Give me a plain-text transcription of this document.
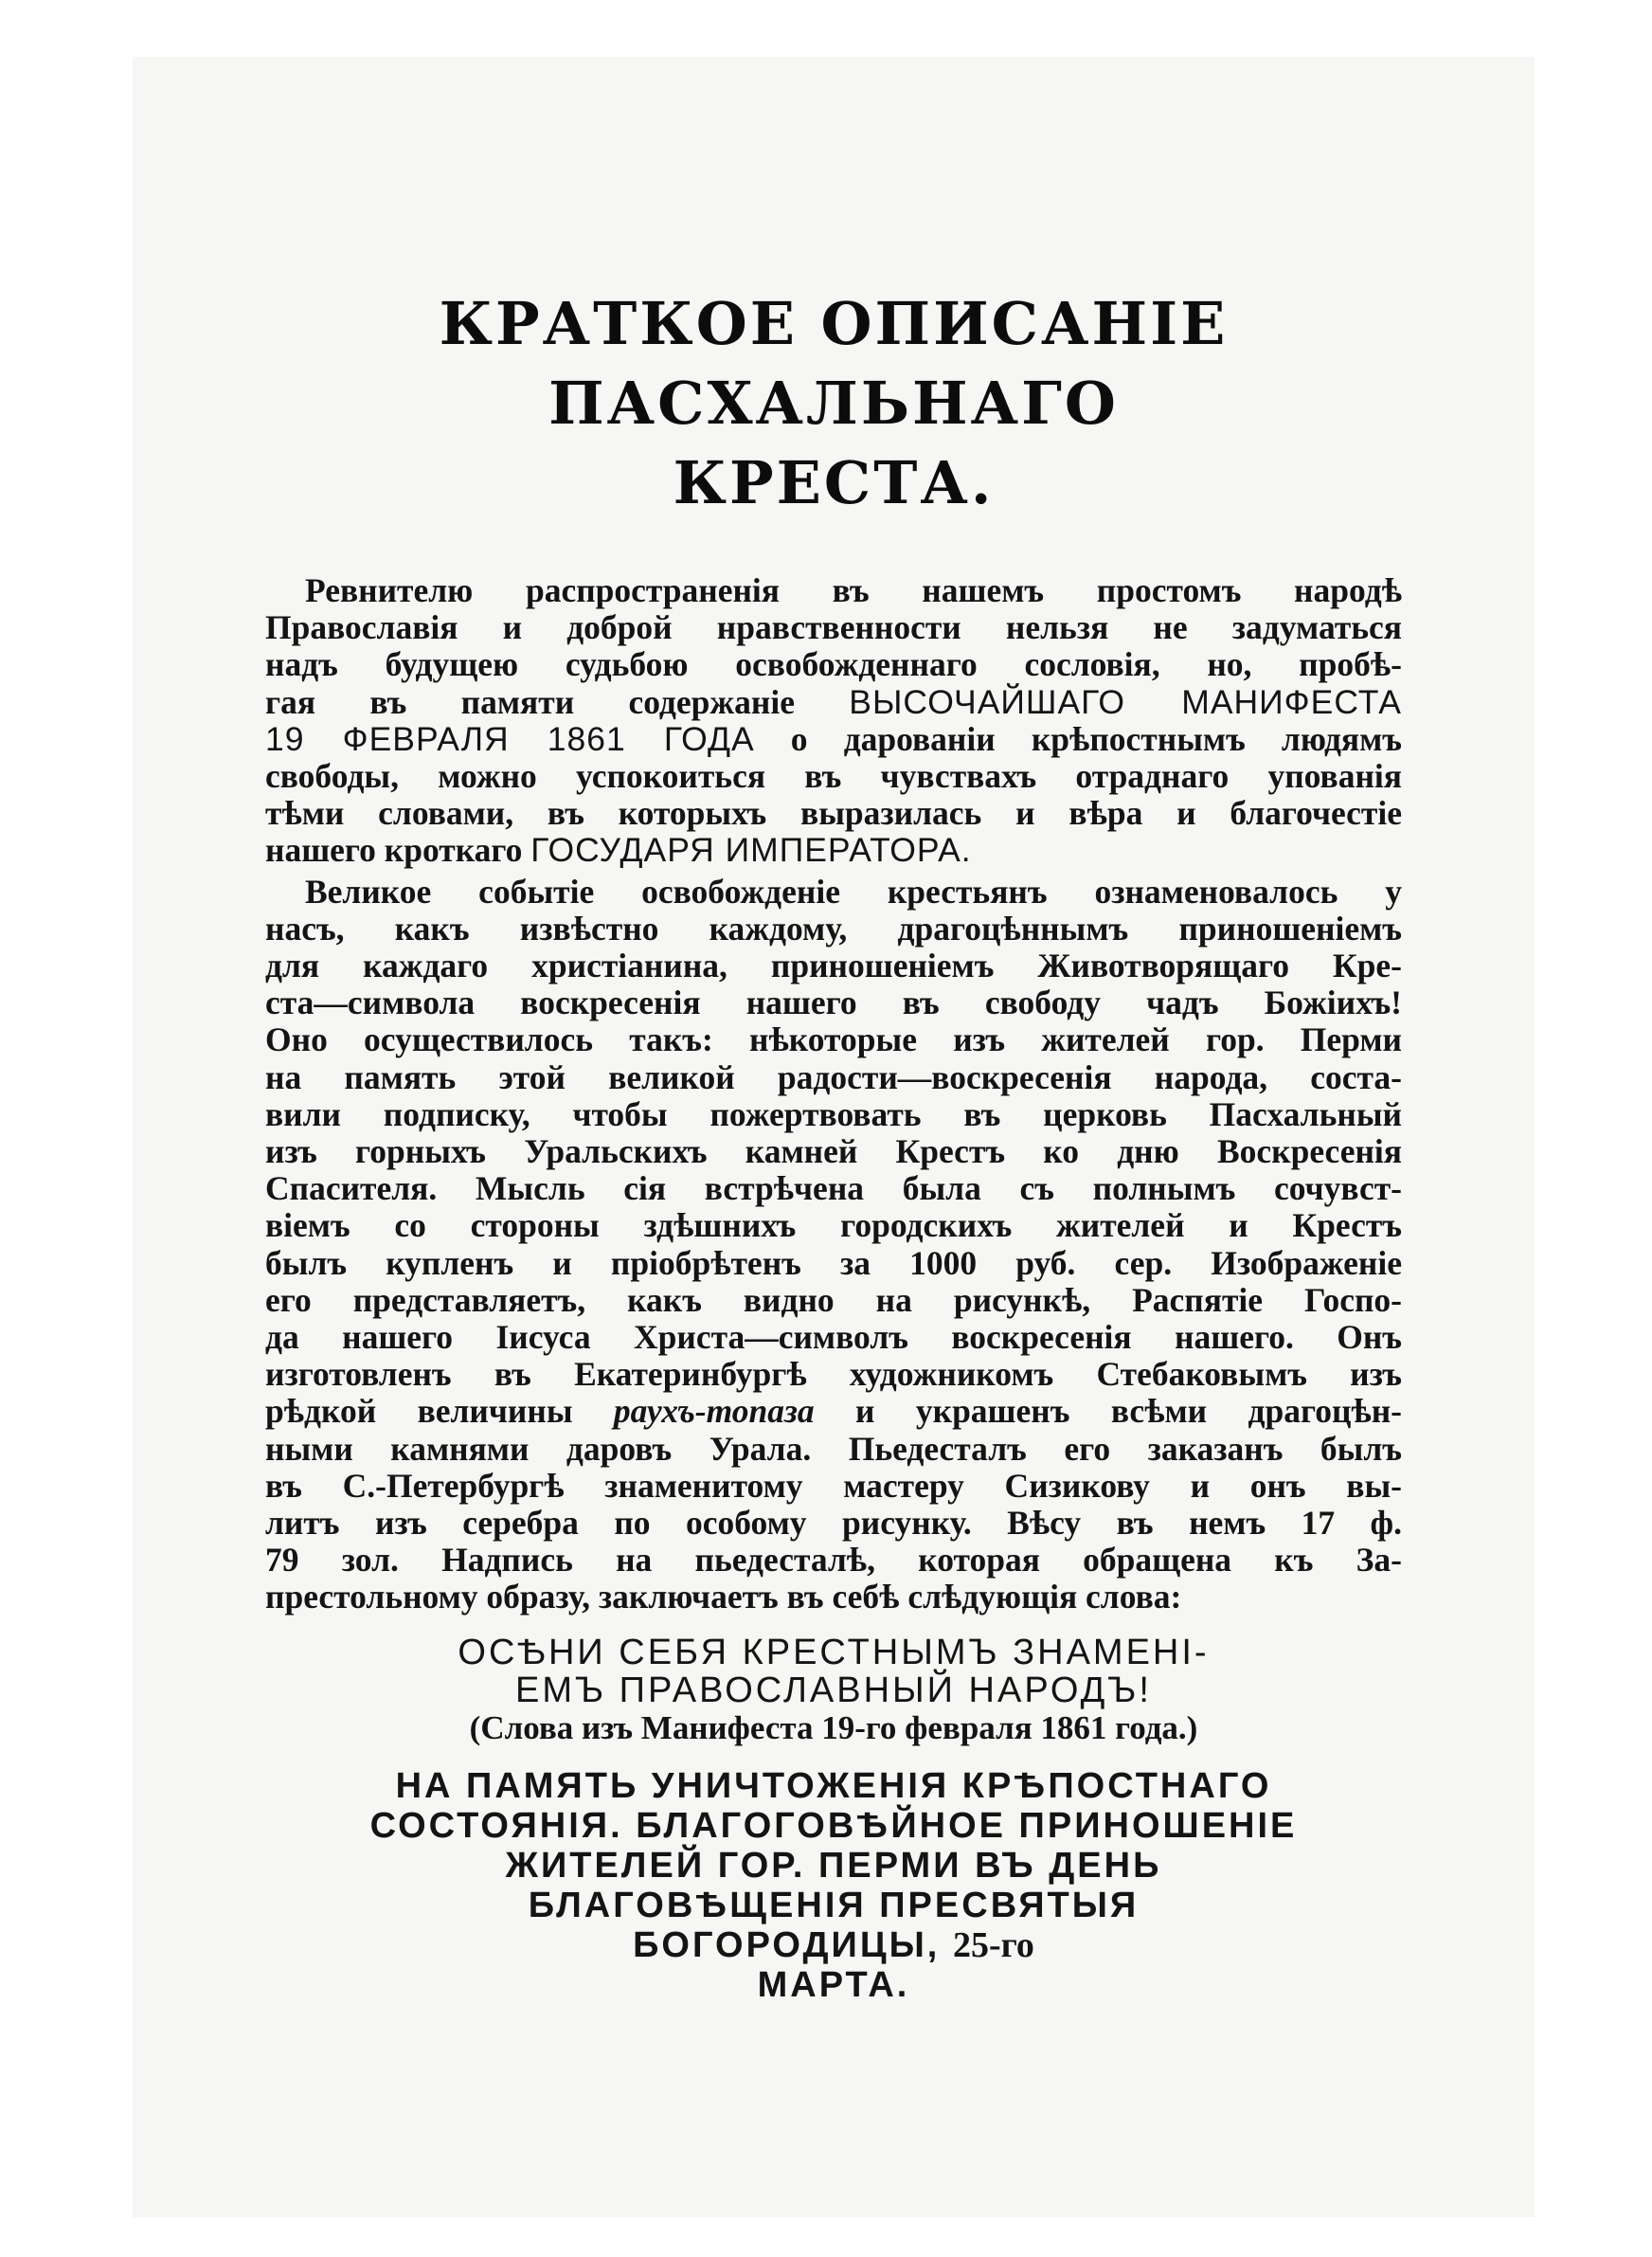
КРАТКОЕ ОПИСАНІЕ ПАСХАЛЬНАГО
КРЕСТА.
Ревнителю распространенія въ нашемъ простомъ народѣ
Православія и доброй нравственности нельзя не задуматься
надъ будущею судьбою освобожденнаго сословія, но, пробѣ-
гая въ памяти содержаніе ВЫСОЧАЙШАГО МАНИФЕСТА
19 ФЕВРАЛЯ 1861 ГОДА о дарованіи крѣпостнымъ людямъ
свободы, можно успокоиться въ чувствахъ отраднаго упованія
тѣми словами, въ которыхъ выразилась и вѣра и благочестіе
нашего кроткаго ГОСУДАРЯ ИМПЕРАТОРА.
Великое событіе освобожденіе крестьянъ ознаменовалось у
насъ, какъ извѣстно каждому, драгоцѣннымъ приношеніемъ
для каждаго христіанина, приношеніемъ Животворящаго Кре-
ста—символа воскресенія нашего въ свободу чадъ Божіихъ!
Оно осуществилось такъ: нѣкоторые изъ жителей гор. Перми
на память этой великой радости—воскресенія народа, соста-
вили подписку, чтобы пожертвовать въ церковь Пасхальный
изъ горныхъ Уральскихъ камней Крестъ ко дню Воскресенія
Спасителя. Мысль сія встрѣчена была съ полнымъ сочувст-
віемъ со стороны здѣшнихъ городскихъ жителей и Крестъ
былъ купленъ и пріобрѣтенъ за 1000 руб. сер. Изображеніе
его представляетъ, какъ видно на рисункѣ, Распятіе Госпо-
да нашего Іисуса Христа—символъ воскресенія нашего. Онъ
изготовленъ въ Екатеринбургѣ художникомъ Стебаковымъ изъ
рѣдкой величины раухъ-топаза и украшенъ всѣми драгоцѣн-
ными камнями даровъ Урала. Пьедесталъ его заказанъ былъ
въ С.-Петербургѣ знаменитому мастеру Сизикову и онъ вы-
литъ изъ серебра по особому рисунку. Вѣсу въ немъ 17 ф.
79 зол. Надпись на пьедесталѣ, которая обращена къ За-
престольному образу, заключаетъ въ себѣ слѣдующія слова:
ОСѢНИ СЕБЯ КРЕСТНЫМЪ ЗНАМЕНІ-
ЕМЪ ПРАВОСЛАВНЫЙ НАРОДЪ!
(Слова изъ Манифеста 19-го февраля 1861 года.)
НА ПАМЯТЬ УНИЧТОЖЕНІЯ КРѢПОСТНАГО
СОСТОЯНІЯ. БЛАГОГОВѢЙНОЕ ПРИНОШЕНІЕ
ЖИТЕЛЕЙ ГОР. ПЕРМИ ВЪ ДЕНЬ
БЛАГОВѢЩЕНІЯ ПРЕСВЯТЫЯ
БОГОРОДИЦЫ, 25-го
МАРТА.
